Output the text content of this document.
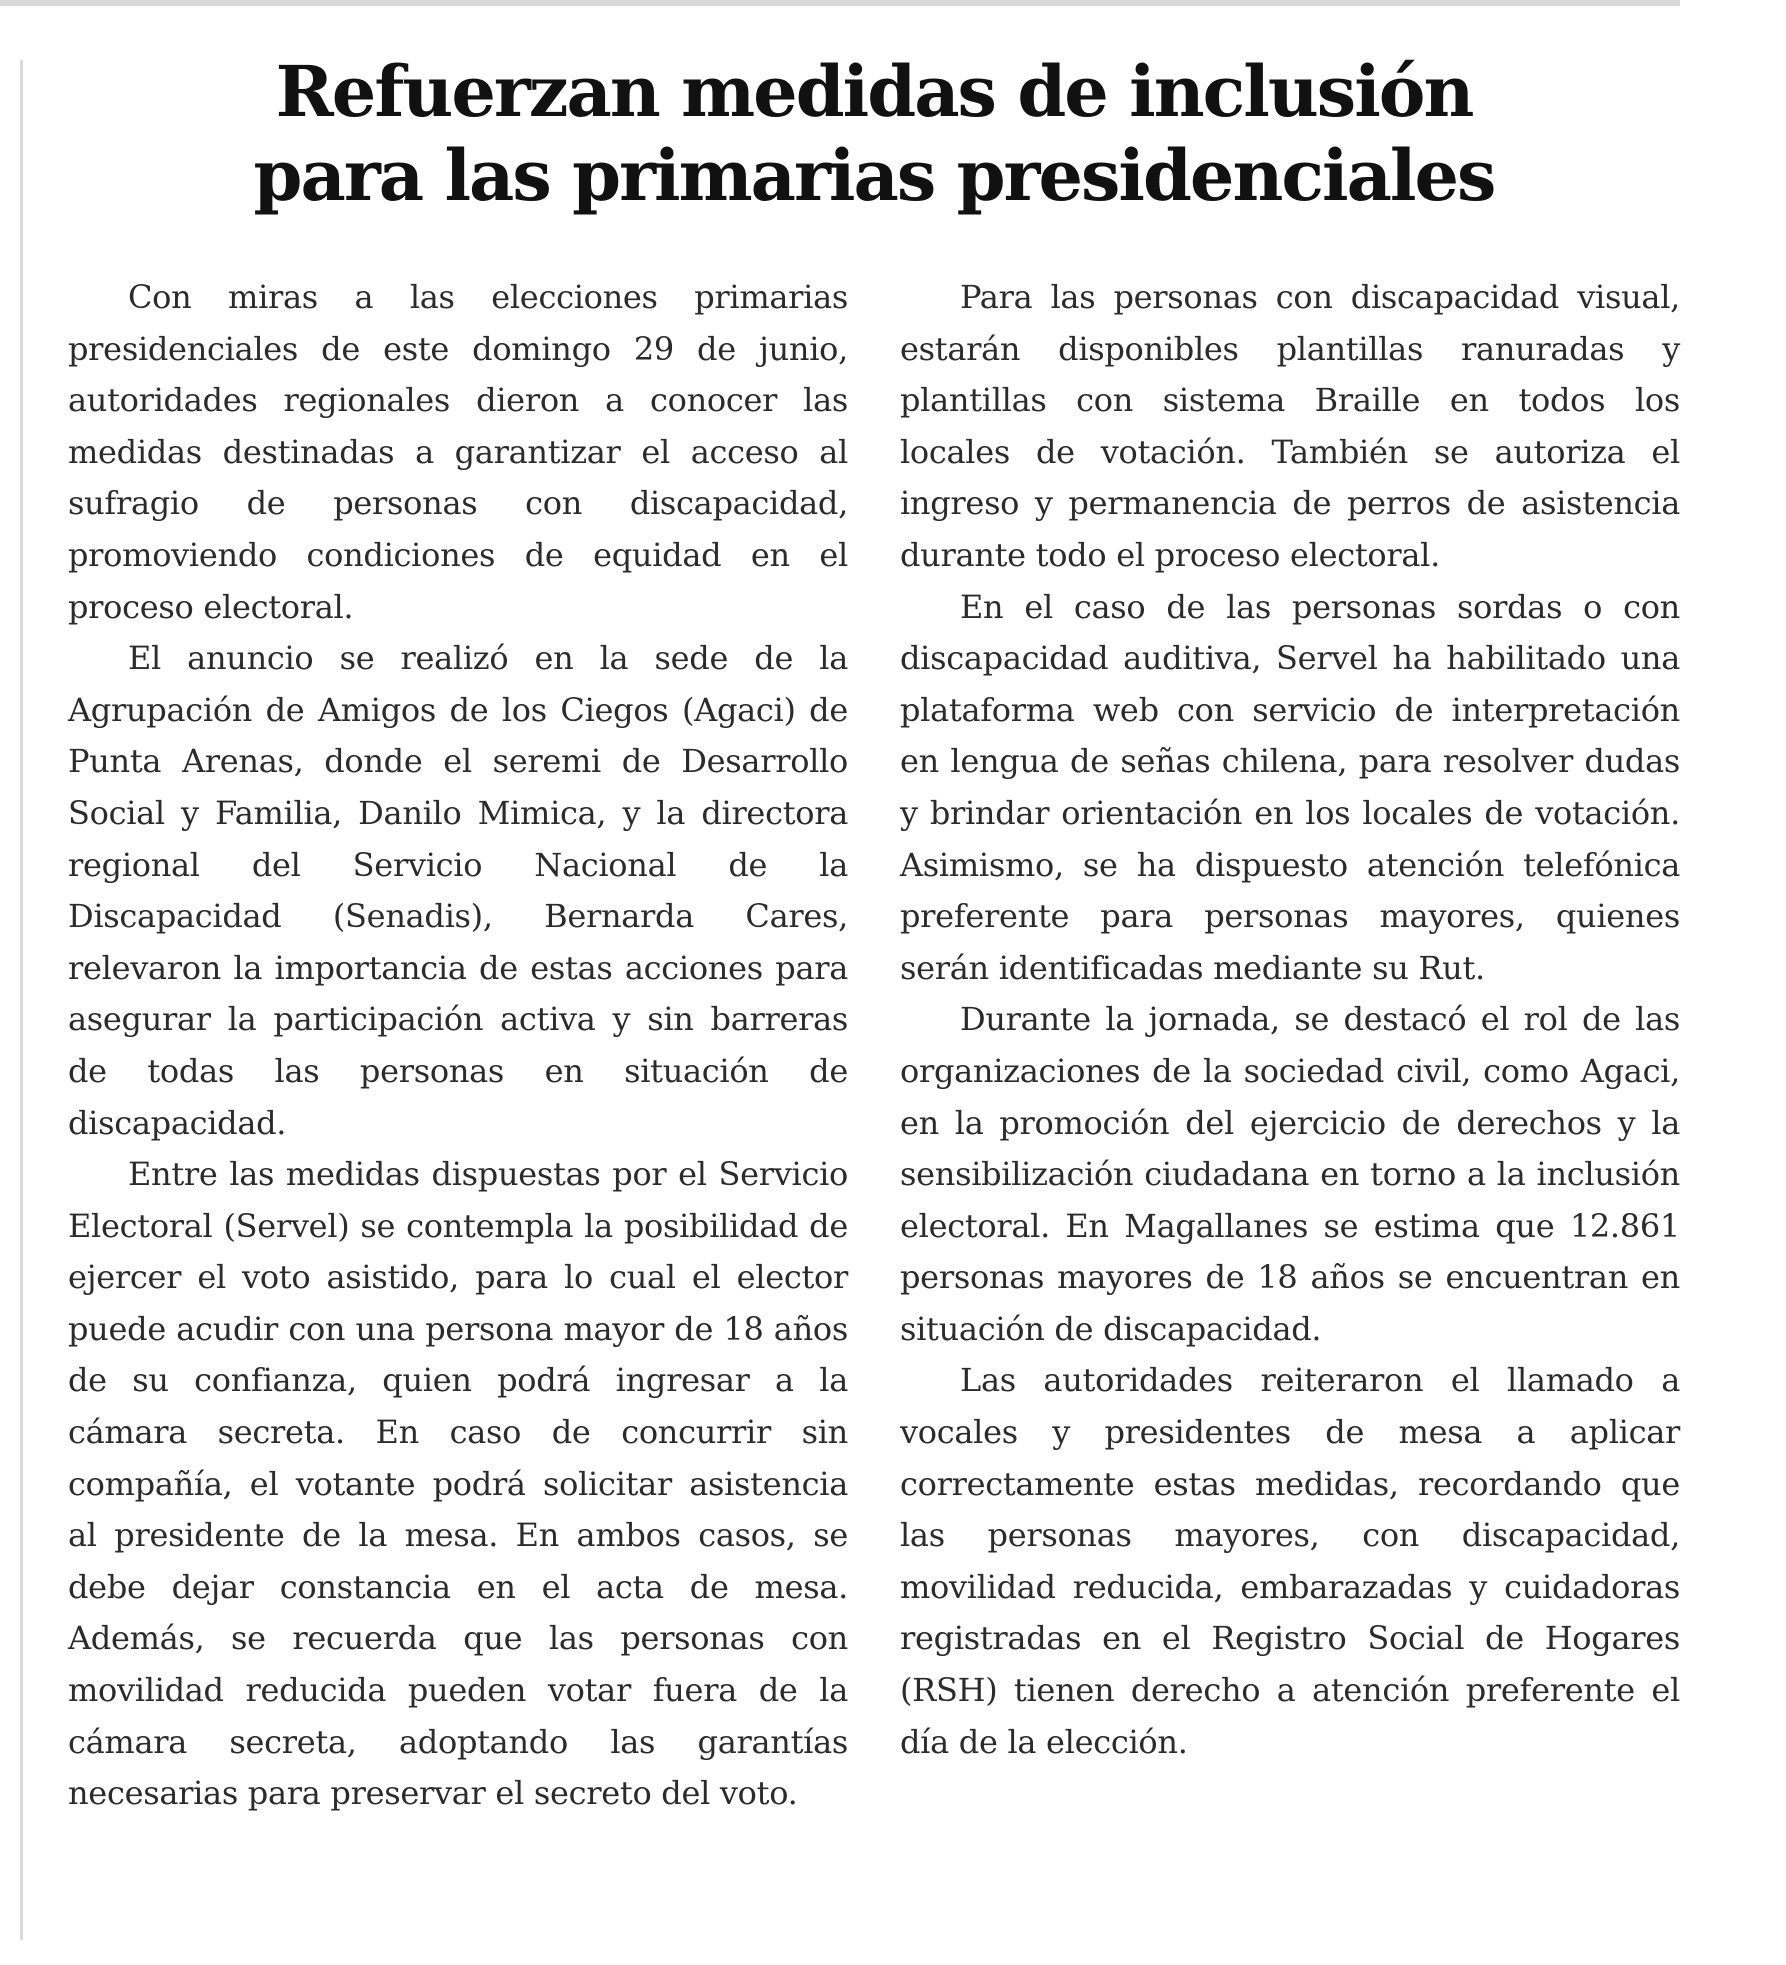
Refuerzan medidas de inclusión
para las primarias presidenciales

Con miras a las elecciones primarias presidenciales de este domingo 29 de junio, autoridades regionales dieron a conocer las medidas destinadas a garantizar el acceso al sufragio de personas con discapacidad, promoviendo condiciones de equidad en el proceso electoral.

El anuncio se realizó en la sede de la Agrupación de Amigos de los Ciegos (Agaci) de Punta Arenas, donde el seremi de Desarrollo Social y Familia, Danilo Mimica, y la directora regional del Servicio Nacional de la Discapacidad (Senadis), Bernarda Cares, relevaron la importancia de estas acciones para asegurar la participación activa y sin barreras de todas las personas en situación de discapacidad.

Entre las medidas dispuestas por el Servicio Electoral (Servel) se contempla la posibilidad de ejercer el voto asistido, para lo cual el elector puede acudir con una persona mayor de 18 años de su confianza, quien podrá ingresar a la cámara secreta. En caso de concurrir sin compañía, el votante podrá solicitar asistencia al presidente de la mesa. En ambos casos, se debe dejar constancia en el acta de mesa. Además, se recuerda que las personas con movilidad reducida pueden votar fuera de la cámara secreta, adoptando las garantías necesarias para preservar el secreto del voto.

Para las personas con discapacidad visual, estarán disponibles plantillas ranuradas y plantillas con sistema Braille en todos los locales de votación. También se autoriza el ingreso y permanencia de perros de asistencia durante todo el proceso electoral.

En el caso de las personas sordas o con discapacidad auditiva, Servel ha habilitado una plataforma web con servicio de interpretación en lengua de señas chilena, para resolver dudas y brindar orientación en los locales de votación. Asimismo, se ha dispuesto atención telefónica preferente para personas mayores, quienes serán identificadas mediante su Rut.

Durante la jornada, se destacó el rol de las organizaciones de la sociedad civil, como Agaci, en la promoción del ejercicio de derechos y la sensibilización ciudadana en torno a la inclusión electoral. En Magallanes se estima que 12.861 personas mayores de 18 años se encuentran en situación de discapacidad.

Las autoridades reiteraron el llamado a vocales y presidentes de mesa a aplicar correctamente estas medidas, recordando que las personas mayores, con discapacidad, movilidad reducida, embarazadas y cuidadoras registradas en el Registro Social de Hogares (RSH) tienen derecho a atención preferente el día de la elección.
